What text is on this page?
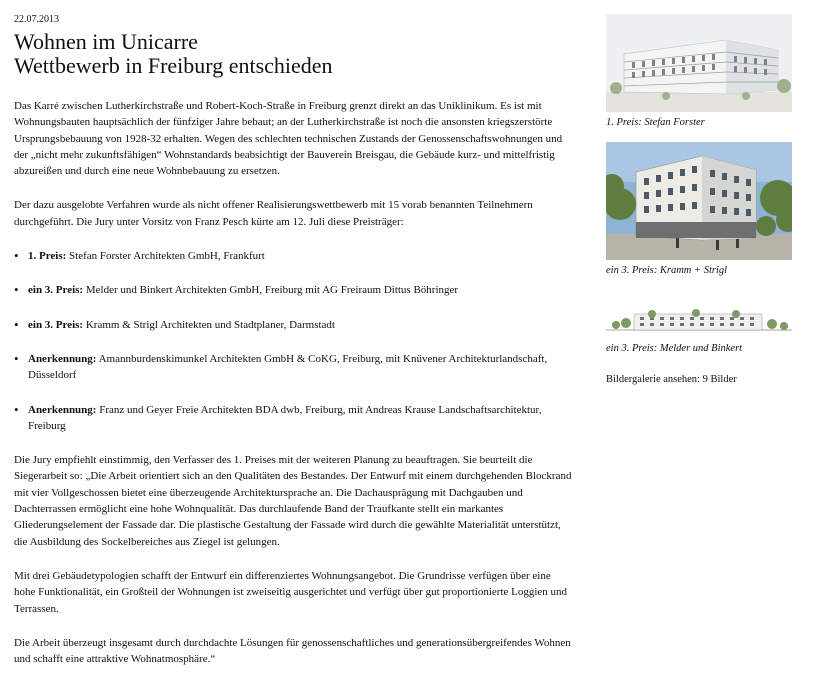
22.07.2013

Wohnen im Unicarre
Wettbewerb in Freiburg entschieden

Das Karré zwischen Lutherkirchstraße und Robert-Koch-Straße in Freiburg grenzt direkt an das Uniklinikum. Es ist mit Wohnungsbauten hauptsächlich der fünfziger Jahre bebaut; an der Lutherkirchstraße ist noch die ansonsten kriegszerstörte Ursprungsbebauung von 1928-32 erhalten. Wegen des schlechten technischen Zustands der Genossenschaftswohnungen und der „nicht mehr zukunftsfähigen“ Wohnstandards beabsichtigt der Bauverein Breisgau, die Gebäude kurz- und mittelfristig abzureißen und durch eine neue Wohnbebauung zu ersetzen.

Der dazu ausgelobte Verfahren wurde als nicht offener Realisierungswettbewerb mit 15 vorab benannten Teilnehmern durchgeführt. Die Jury unter Vorsitz von Franz Pesch kürte am 12. Juli diese Preisträger:

• 1. Preis: Stefan Forster Architekten GmbH, Frankfurt
• ein 3. Preis: Melder und Binkert Architekten GmbH, Freiburg mit AG Freiraum Dittus Böhringer
• ein 3. Preis: Kramm & Strigl Architekten und Stadtplaner, Darmstadt
• Anerkennung: Amannburdenskimunkel Architekten GmbH & CoKG, Freiburg, mit Knüvener Architekturlandschaft, Düsseldorf
• Anerkennung: Franz und Geyer Freie Architekten BDA dwb, Freiburg, mit Andreas Krause Landschaftsarchitektur, Freiburg

Die Jury empfiehlt einstimmig, den Verfasser des 1. Preises mit der weiteren Planung zu beauftragen. Sie beurteilt die Siegerarbeit so: „Die Arbeit orientiert sich an den Qualitäten des Bestandes. Der Entwurf mit einem durchgehenden Blockrand mit vier Vollgeschossen bietet eine überzeugende Architektursprache an. Die Dachausprägung mit Dachgauben und Dachterrassen ermöglicht eine hohe Wohnqualität. Das durchlaufende Band der Traufkante stellt ein markantes Gliederungselement der Fassade dar. Die plastische Gestaltung der Fassade wird durch die gewählte Materialität unterstützt, die Ausbildung des Sockelbereiches aus Ziegel ist gelungen.

Mit drei Gebäudetypologien schafft der Entwurf ein differenziertes Wohnungsangebot. Die Grundrisse verfügen über eine hohe Funktionalität, ein Großteil der Wohnungen ist zweiseitig ausgerichtet und verfügt über gut proportionierte Loggien und Terrassen.

Die Arbeit überzeugt insgesamt durch durchdachte Lösungen für genossenschaftliches und generationsübergreifendes Wohnen und schafft eine attraktive Wohnatmosphäre.“

1. Preis: Stefan Forster

ein 3. Preis: Kramm + Strigl

ein 3. Preis: Melder und Binkert

Bildergalerie ansehen: 9 Bilder
